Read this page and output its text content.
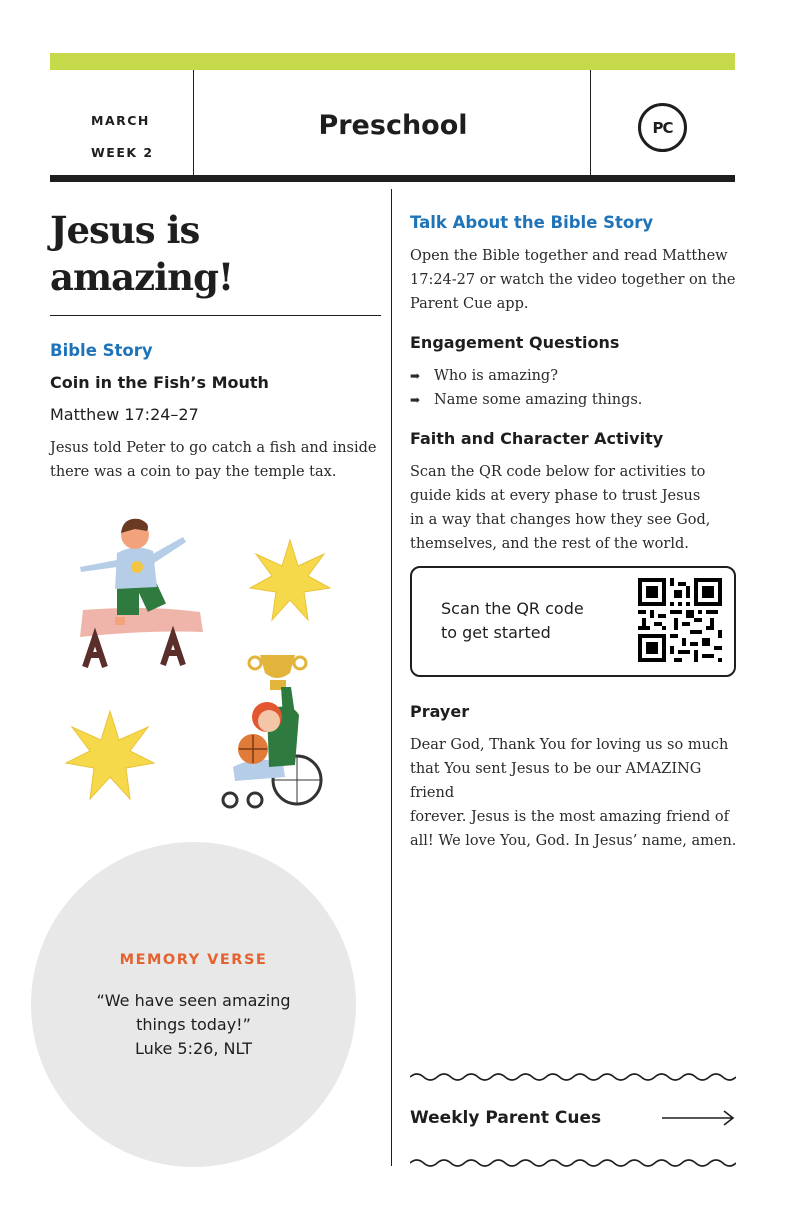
MARCH
WEEK 2
Preschool	PC
Jesus is
amazing!
Bible Story
Coin in the Fish’s Mouth
Matthew 17:24–27
Jesus told Peter to go catch a fish and inside
there was a coin to pay the temple tax.
MEMORY VERSE
“We have seen amazing
things today!”
Luke 5:26, NLT
Talk About the Bible Story
Open the Bible together and read Matthew
17:24-27 or watch the video together on the
Parent Cue app.
Engagement Questions
➡ Who is amazing?
➡ Name some amazing things.
Faith and Character Activity
Scan the QR code below for activities to
guide kids at every phase to trust Jesus
in a way that changes how they see God,
themselves, and the rest of the world.
Scan the QR code
to get started
Prayer
Dear God, Thank You for loving us so much
that You sent Jesus to be our AMAZING friend
forever. Jesus is the most amazing friend of
all! We love You, God. In Jesus’ name, amen.
Weekly Parent Cues
